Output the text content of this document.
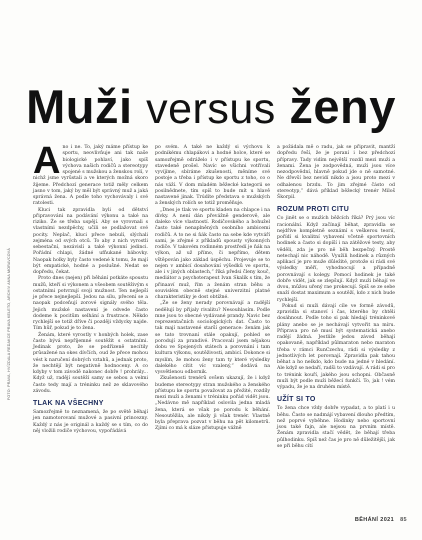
Muži versus ženy
FOTO: PRAVA, HVÍZDALA REDAKCE PRAVA KELETO, ARCHIV ANNA MORAVCOVÁ

Ano i ne. To, jaký máme přístup ke sportu, neovlivňuje ani tak naše biologické pohlaví, jako spíš výchova našich rodičů a stereotypy spojené s mužskou a ženskou rolí, v nichž jsme vyrůstali a ve kterých možná skoro žijeme. Předchozí generace totiž měly celkem jasno v tom, jaký by měl být správný muž a jaká správná žena. A podle toho vychovávaly i své ratolesti.

Kluci tak zpravidla byli od dětství připravováni na podávání výkonu a také na riziko. Že se třeba uspějí. Aby se vyrovnali s vlastními nezdpěchy, učili se podlažovat své pocity. Neplač, kluci přece nebulí, slýchali zejména od svých otců. To aby z nich vyrostli sebestační, nezávislí a také výkonní jedinci. Pořádní chlapi, žádné ufňukané bábovky. Naopak holky byly často vedené k tomu, že mají být empatické, hodné a poslušné. Nedat se dopředu, čekat.

Proto dnes (nejen) při běhání potkáte spoustu mužů, kteří si výkonem a všeobem soutěživým s ostatními potvrzují svoji mužnost. Ten nejlepší je přece nejnejlepší. Jedou na sílu, přecení se a naopak podceňují zorové signály svého těla. Jejich mužské nastavení je odvede často dodeme k pocitům selhání a frustrace. Někdo rychlejší se totiž dříve či později vždycky najde. Tím hůř, pokud je to žena.

Ženám, které vyrostly v honbých holek, zase často bývá nepříjemné soutěžit s ostatními. Jedinak proto, že se podřízeně necítily průsažené na okes dívčích, oud že přece mohou vést k naručení dobrých vztahů, a jednak proto, že nechtějí být negativně hodnoceny. A co kdyby v tom závodě nakonec dobře ! prohrály... Když už, radějí soutěží samy se sebou a velmi často tedy mají a tréninku než ze sklavového závodu.

TLAK NA VŠECHNY

Samozřejmě to neznamená, že po světě běhají jen namotorovaní mužové a pasivní princezny. Každý z nás je originál a každý se s tím, co do něj vložili rodiče výchovou, vypořádává

po svém. A také ne každý si výchovu k podnikému chlapákovi a hodné holce, které se samozřejmě odráželo i v přístupu ke sportu, stavedeně prošel. Navíc se všichni votřívali vyvíjíme, sbíráme zkušenosti, měníme své postoje a třeba i přístup ke sportu z toho, co o nás váží. V dom mladém běžecké kategorii se posilnědnete, tím spíš to bude mít u hlavě nastavené jinak. Trúdíte představa o mužských a ženských rolích se totiž proměňuje.

„Dnes je tlak ve sportu kladen na chlapce i na dívky. A není dán převážně genderově, ale daleko více vlastností. Rodičovského a bohužel často také nenaplněných osobního ambicemi rodičů. A to ne si ňák často na sebe kde vytváří sami, je zřejmé z příkladů spousty výkonných rodiče. V takovém rodinném prostředí je ňák na výkon, až už přímo, či nepřímo, dětem vštěpován jako základ úspěchu. Projevuje se to nejen v ambicí dosahování výšedků ve sportu, ale i v jiných oblastech,“ říká předsi členy kouč, mediátor a psychoterapeut Ivan Skalík s tím, že přinaaví muž, řím a ženám stran běhu a souvislém obecně stejné univerzitní platné charakteristiky je dost obtížné.

„Že se ženy nerady porovnávají a radější nedělují by přijaly rivalitu? Nesouhlasím. Podle mne jsou to obecné vydávané prandy. Navic bez reprezentačních sociologických dat. Často to tak mají nastavené starší generace: ženám jak se tato trovnaní stále opakují, pohled se porodují za prandivé. Pracovali jsem nějakou dobu ve Spojených státech a porovnání i tam kultura výkonu, soutěživosti, ambicí. Dokonce si myslím, že mohou ženy tam ty které výsledky dalekého cítit víc vzalený,“ dodává na vysvětlenou odbornik.

Zkušenosti trenérů ovšem ukazují, že i když budeme stereotypy stran mužského a ženského přístupu ke sportu považovat za přežité, rozdíly mezi muži a ženami v tréninku pořád vidět jsou. „Nedávno mě například oslovila jedna mladá žena, která se však po porodu k běhání. Nesoutěžila, ale nikdy ji však trenér. Vlastně byla přeprava pozvat v běhu na pět kilometrů. Zjími co má k sláze přistupuje vážně

a požádala mě o radu, jak se připravit, mantží dopředu řeší, že je poraní i bez předchozí přípravy. Tady vidím největší rozdíl mezi muži a ženami. Žena je zodpovědná, muži jsou více nezodpovědní, hlavně pokud jde o ně samotné. Ne dřevší bez nevidí nikdo a jsou proto mezi v odhalenou brzdu. To jim zřejmé částo od stereotyp,“ dává příklad běžecký trenér Miloš Škorpil.

ROZUM PROTI CITU

Co jinět se o mužích běžcích říká? Prý jsou víc racionální. Když začínají běhat, zpravidla se nejdříve kompletně seznámí s veškerou teorií, pořídí si kvalitní vybavení včetně sportovních hodinek a často si dopíší i na zátěžové testy, aby věděli, zda je pro ně běh bezpečný. Prostě netechají nic náhodě. Využili hodinek a různých aplikací je pro muže důležité, protože si rádi své výsledky měří, vyhodnocují a případně porovnávají s kolegy. Pomocí hodinek je také dobře vidět, jak se zlepšují. Když muži běhají ve dvou, můžou uřený rae prokecují. Spíš se ze sebe snaží dostat maximum a soutěží, kdo z nich bude rychlejší.

Pokud si muži dávají cíle ve formě závodů, zpravidla si stanoví i čas, kterého by chtěli dosáhnout. Podle toho si pak hledají tréninkové plány anebo se je nechávají vytvořit na míru. Připrava pro ně musí být systematická anebo radějí žádná. Jestliže jedou závod běhají opakovaně, například půlmaraton nebo maraton třeba v rámci RunCzechu, rádi si výsledky z jednotlivých let porovnají. Zpravidla pak tahou běhat a ho nelkdo, kdo bude na jedné v hledání. Ale když se nedaří, radši to vzdávají. A rádi si pro to trénink kouří, jakého jsou schopni. Občasně muži být podle muži běžecí funkčí. To, jak ! vém výpadu, že je na druhém místě.

UŽÍT SI TO

To žena chce vždy dobře vypadat, a to platí i u běhu. Často se nadmájí vybavení dlouho předtím, než poprvé vyběhne. Hodinky nebo sportovní jsou také fajn, ale nejsou na prvním místě. Ženám zpravidla stačí vědět, že běhají třeba půlhodinku. Spíš než čas je pro ně důležitější, jak se při běhu cítí

BĚHÁNÍ 2021 85
